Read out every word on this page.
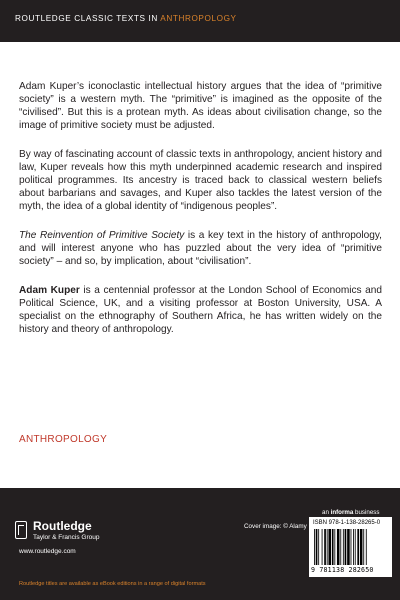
ROUTLEDGE CLASSIC TEXTS IN ANTHROPOLOGY

Adam Kuper’s iconoclastic intellectual history argues that the idea of “primitive society” is a western myth. The “primitive” is imagined as the opposite of the “civilised”. But this is a protean myth. As ideas about civilisation change, so the image of primitive society must be adjusted.

By way of fascinating account of classic texts in anthropology, ancient history and law, Kuper reveals how this myth underpinned academic research and inspired political programmes. Its ancestry is traced back to classical western beliefs about barbarians and savages, and Kuper also tackles the latest version of the myth, the idea of a global identity of “indigenous peoples”.

The Reinvention of Primitive Society is a key text in the history of anthropology, and will interest anyone who has puzzled about the very idea of “primitive society” – and so, by implication, about “civilisation”.

Adam Kuper is a centennial professor at the London School of Economics and Political Science, UK, and a visiting professor at Boston University, USA. A specialist on the ethnography of Southern Africa, he has written widely on the history and theory of anthropology.

ANTHROPOLOGY
Routledge
Taylor & Francis Group
www.routledge.com
Cover image: © Alamy
an informa business
ISBN 978-1-138-28265-0
9 781138 282650
Routledge titles are available as eBook editions in a range of digital formats
